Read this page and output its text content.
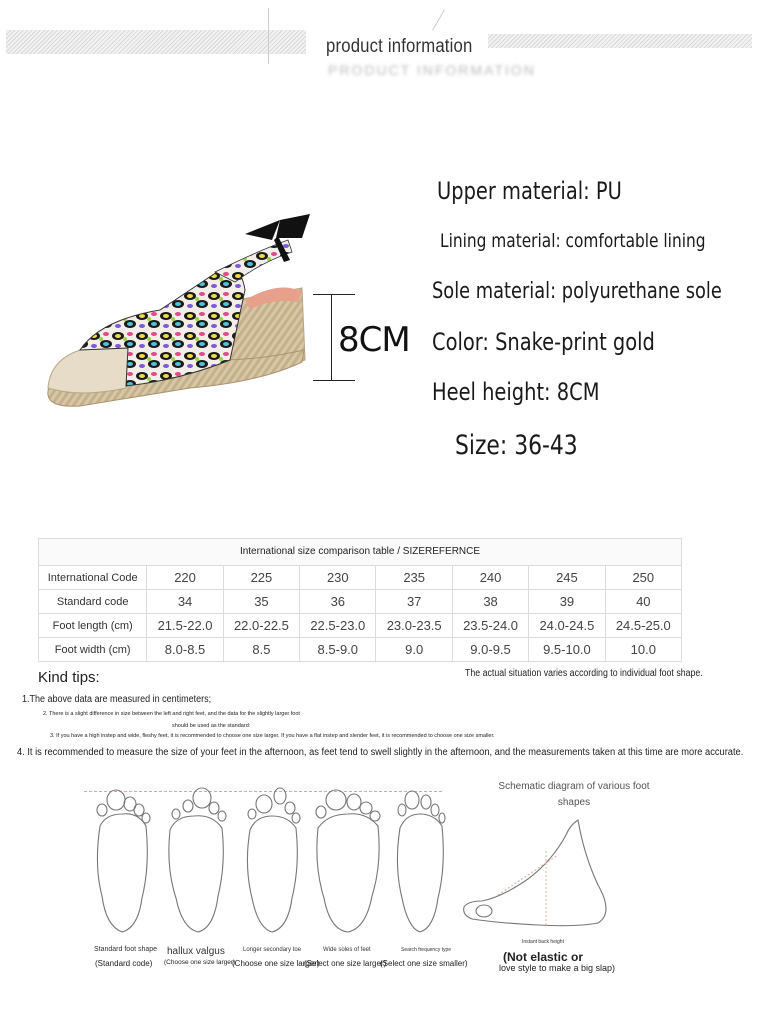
product information
PRODUCT INFORMATION
8CM
Upper material: PU
Lining material: comfortable lining
Sole material: polyurethane sole
Color: Snake-print gold
Heel height: 8CM
Size: 36-43
International size comparison table / SIZEREFERNCE
International Code	220	225	230	235	240	245	250
Standard code	34	35	36	37	38	39	40
Foot length (cm)	21.5-22.0	22.0-22.5	22.5-23.0	23.0-23.5	23.5-24.0	24.0-24.5	24.5-25.0
Foot width (cm)	8.0-8.5	8.5	8.5-9.0	9.0	9.0-9.5	9.5-10.0	10.0
Kind tips:	The actual situation varies according to individual foot shape.
1.The above data are measured in centimeters;
2. There is a slight difference in size between the left and right feet, and the data for the slightly larger foot
should be used as the standard:
3. If you have a high instep and wide, fleshy feet, it is recommended to choose one size larger. If you have a flat instep and slender feet, it is recommended to choose one size smaller.
4. It is recommended to measure the size of your feet in the afternoon, as feet tend to swell slightly in the afternoon, and the measurements taken at this time are more accurate.
Standard foot shape hallux valgus	Longer secondary toe	Wide soles of feet	Search frequency type
(Standard code) (Choose one size larger)
(Choose one size larger)
(Select one size larger)
(Select one size smaller)
Schematic diagram of various foot shapes
Instant back height
(Not elastic or
love style to make a big slap)
